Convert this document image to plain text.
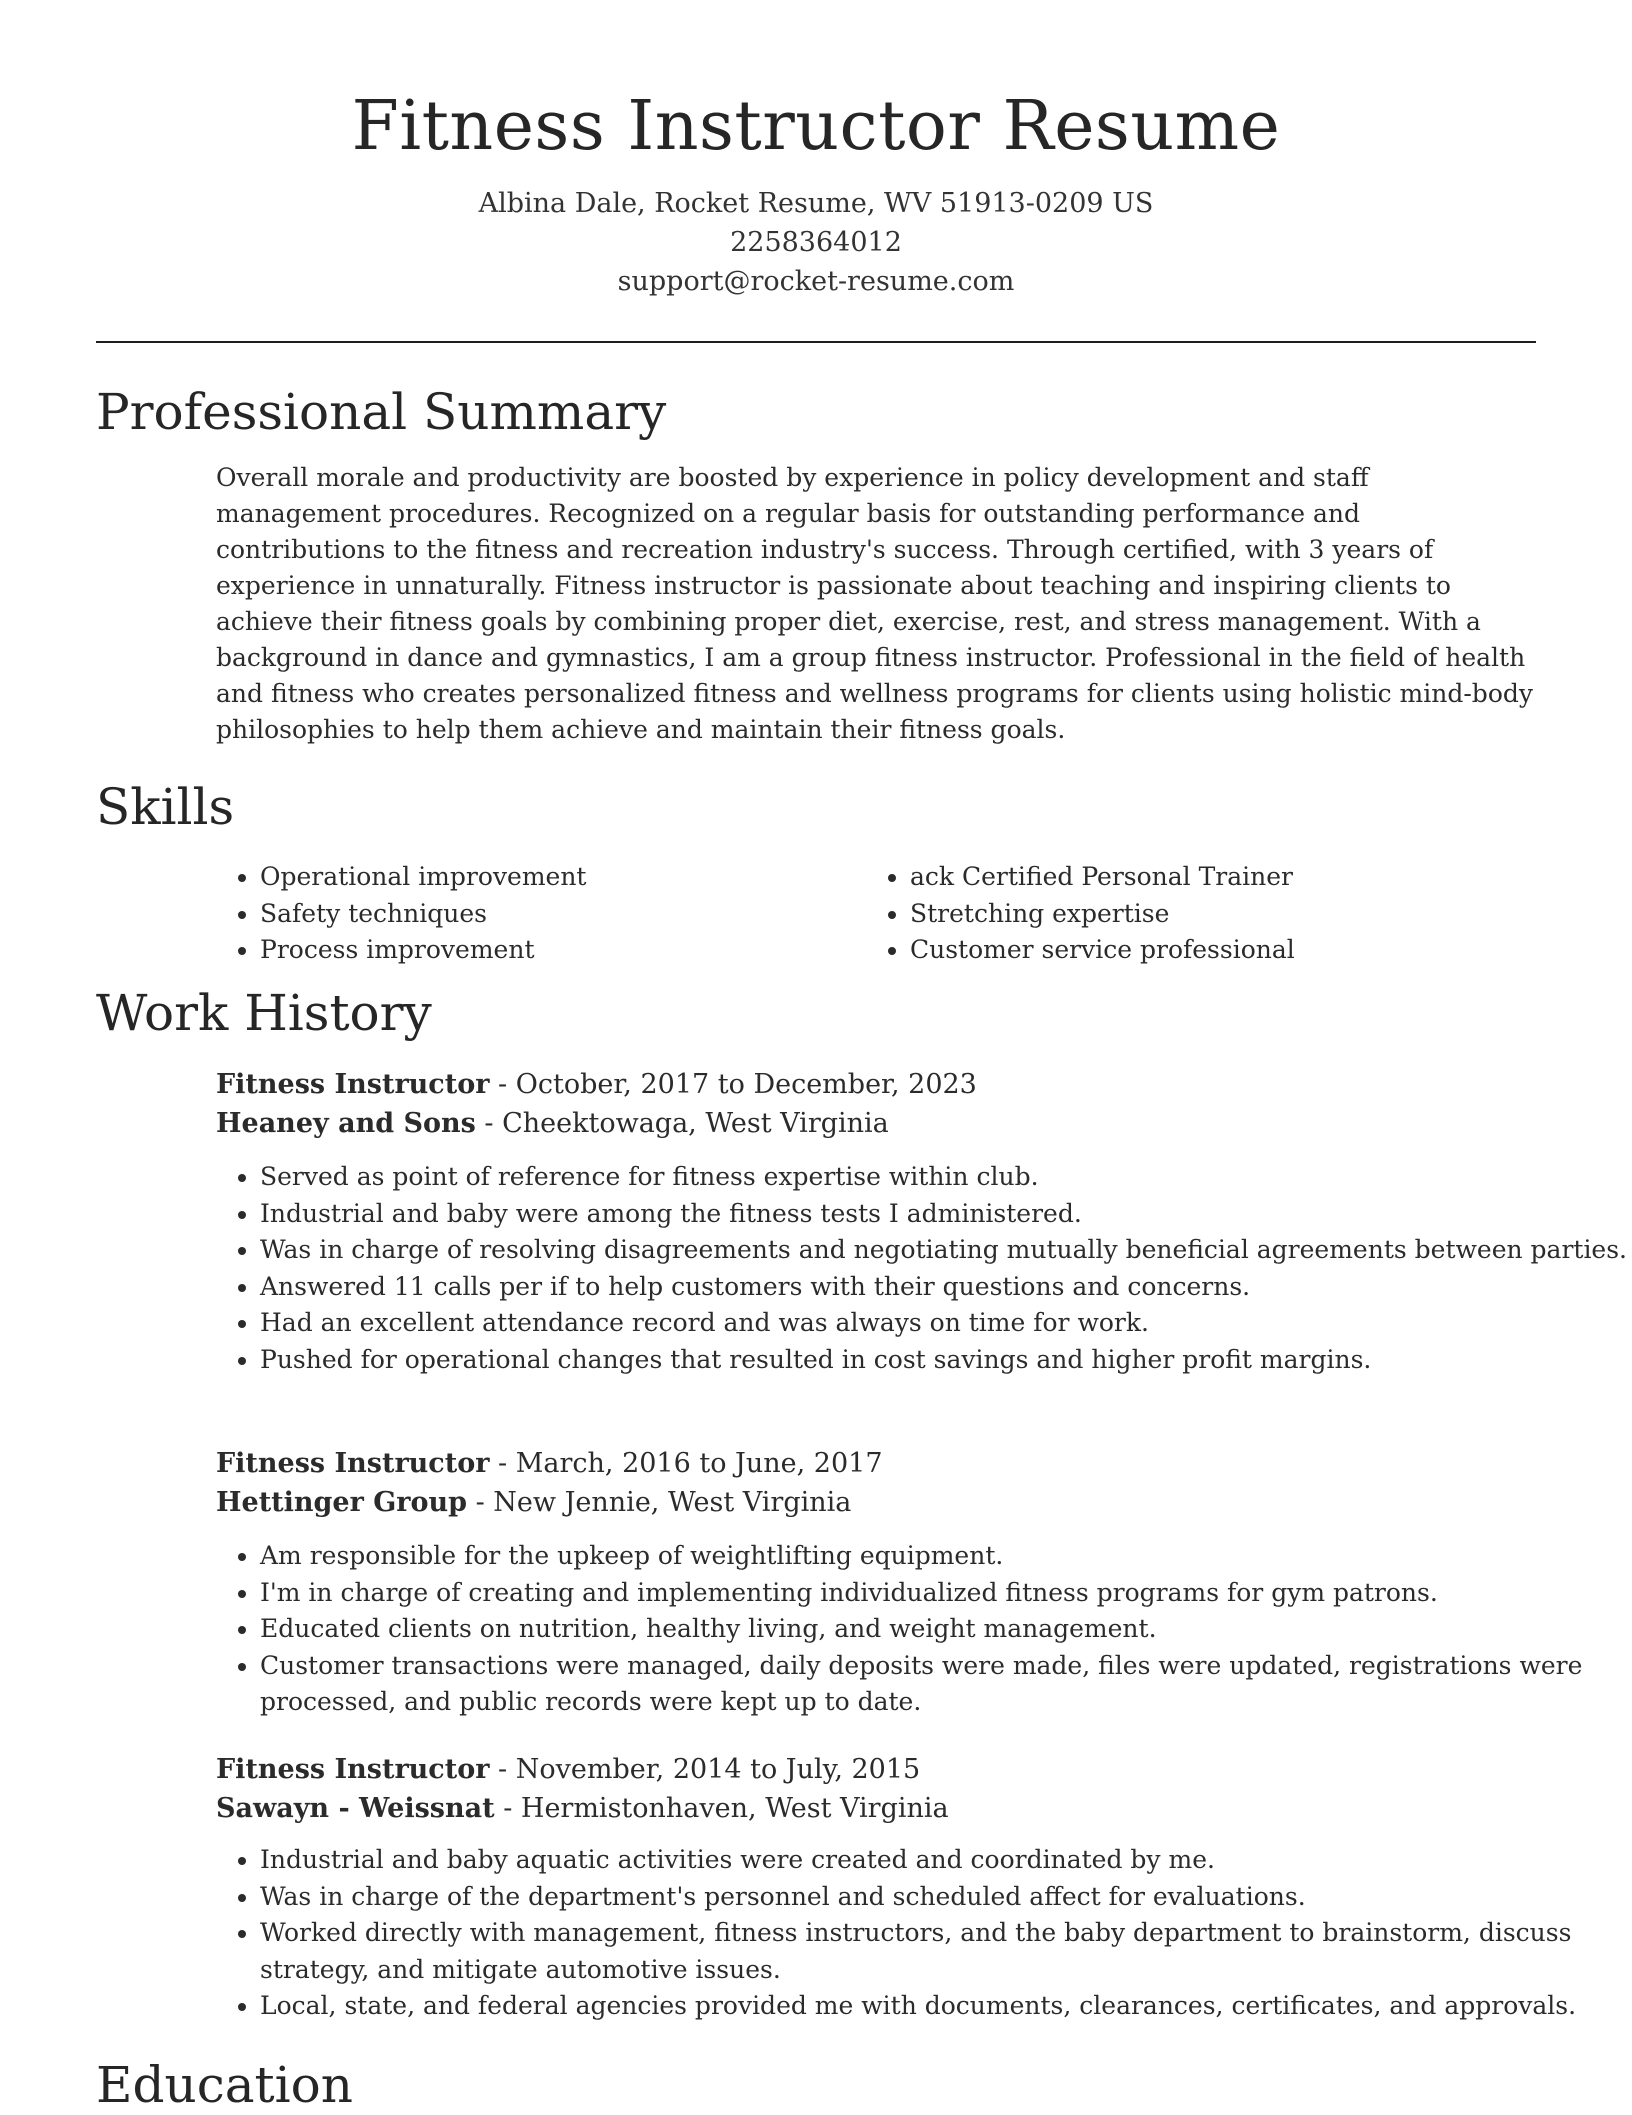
Fitness Instructor Resume
Albina Dale, Rocket Resume, WV 51913-0209 US
2258364012
support@rocket-resume.com
Professional Summary

Overall morale and productivity are boosted by experience in policy development and staff management procedures. Recognized on a regular basis for outstanding performance and contributions to the fitness and recreation industry's success. Through certified, with 3 years of experience in unnaturally. Fitness instructor is passionate about teaching and inspiring clients to achieve their fitness goals by combining proper diet, exercise, rest, and stress management. With a background in dance and gymnastics, I am a group fitness instructor. Professional in the field of health and fitness who creates personalized fitness and wellness programs for clients using holistic mind-body philosophies to help them achieve and maintain their fitness goals.

Skills
• Operational improvement
• Safety techniques
• Process improvement
• ack Certified Personal Trainer
• Stretching expertise
• Customer service professional
Work History
Fitness Instructor - October, 2017 to December, 2023
Heaney and Sons - Cheektowaga, West Virginia
• Served as point of reference for fitness expertise within club.
• Industrial and baby were among the fitness tests I administered.
• Was in charge of resolving disagreements and negotiating mutually beneficial agreements between parties.
• Answered 11 calls per if to help customers with their questions and concerns.
• Had an excellent attendance record and was always on time for work.
• Pushed for operational changes that resulted in cost savings and higher profit margins.
Fitness Instructor - March, 2016 to June, 2017
Hettinger Group - New Jennie, West Virginia
• Am responsible for the upkeep of weightlifting equipment.
• I'm in charge of creating and implementing individualized fitness programs for gym patrons.
• Educated clients on nutrition, healthy living, and weight management.
• Customer transactions were managed, daily deposits were made, files were updated, registrations were processed, and public records were kept up to date.
Fitness Instructor - November, 2014 to July, 2015
Sawayn - Weissnat - Hermistonhaven, West Virginia
• Industrial and baby aquatic activities were created and coordinated by me.
• Was in charge of the department's personnel and scheduled affect for evaluations.
• Worked directly with management, fitness instructors, and the baby department to brainstorm, discuss strategy, and mitigate automotive issues.
• Local, state, and federal agencies provided me with documents, clearances, certificates, and approvals.
Education
